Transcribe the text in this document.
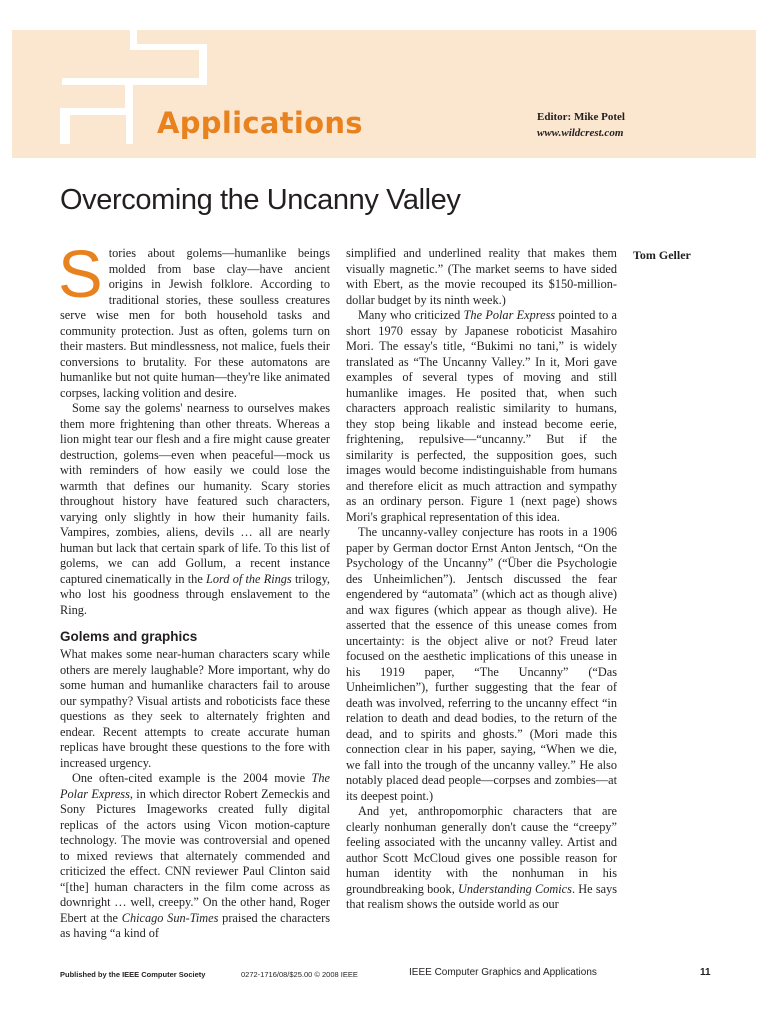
Applications	Editor: Mike Potel
www.wildcrest.com
Overcoming the Uncanny Valley
Tom Geller

Stories about golems—humanlike beings molded from base clay—have ancient origins in Jewish folklore. According to traditional stories, these soulless creatures serve wise men for both household tasks and community protection. Just as often, golems turn on their masters. But mindlessness, not malice, fuels their conversions to brutality. For these automatons are humanlike but not quite human—they're like animated corpses, lacking volition and desire.

Some say the golems' nearness to ourselves makes them more frightening than other threats. Whereas a lion might tear our flesh and a fire might cause greater destruction, golems—even when peaceful—mock us with reminders of how easily we could lose the warmth that defines our humanity. Scary stories throughout history have featured such characters, varying only slightly in how their humanity fails. Vampires, zombies, aliens, devils … all are nearly human but lack that certain spark of life. To this list of golems, we can add Gollum, a recent instance captured cinematically in the Lord of the Rings trilogy, who lost his goodness through enslavement to the Ring.

Golems and graphics

What makes some near-human characters scary while others are merely laughable? More important, why do some human and humanlike characters fail to arouse our sympathy? Visual artists and roboticists face these questions as they seek to alternately frighten and endear. Recent attempts to create accurate human replicas have brought these questions to the fore with increased urgency.

One often-cited example is the 2004 movie The Polar Express, in which director Robert Zemeckis and Sony Pictures Imageworks created fully digital replicas of the actors using Vicon motion-capture technology. The movie was controversial and opened to mixed reviews that alternately commended and criticized the effect. CNN reviewer Paul Clinton said “[the] human characters in the film come across as downright … well, creepy.” On the other hand, Roger Ebert at the Chicago Sun-Times praised the characters as having “a kind of

simplified and underlined reality that makes them visually magnetic.” (The market seems to have sided with Ebert, as the movie recouped its $150-million-dollar budget by its ninth week.)

Many who criticized The Polar Express pointed to a short 1970 essay by Japanese roboticist Masahiro Mori. The essay's title, “Bukimi no tani,” is widely translated as “The Uncanny Valley.” In it, Mori gave examples of several types of moving and still humanlike images. He posited that, when such characters approach realistic similarity to humans, they stop being likable and instead become eerie, frightening, repulsive—“uncanny.” But if the similarity is perfected, the supposition goes, such images would become indistinguishable from humans and therefore elicit as much attraction and sympathy as an ordinary person. Figure 1 (next page) shows Mori's graphical representation of this idea.

The uncanny-valley conjecture has roots in a 1906 paper by German doctor Ernst Anton Jentsch, “On the Psychology of the Uncanny” (“Über die Psychologie des Unheimlichen”). Jentsch discussed the fear engendered by “automata” (which act as though alive) and wax figures (which appear as though alive). He asserted that the essence of this unease comes from uncertainty: is the object alive or not? Freud later focused on the aesthetic implications of this unease in his 1919 paper, “The Uncanny” (“Das Unheimlichen”), further suggesting that the fear of death was involved, referring to the uncanny effect “in relation to death and dead bodies, to the return of the dead, and to spirits and ghosts.” (Mori made this connection clear in his paper, saying, “When we die, we fall into the trough of the uncanny valley.” He also notably placed dead people—corpses and zombies—at its deepest point.)

And yet, anthropomorphic characters that are clearly nonhuman generally don't cause the “creepy” feeling associated with the uncanny valley. Artist and author Scott McCloud gives one possible reason for human identity with the nonhuman in his groundbreaking book, Understanding Comics. He says that realism shows the outside world as our

Published by the IEEE Computer Society	0272-1716/08/$25.00 © 2008 IEEE	IEEE Computer Graphics and Applications	11
